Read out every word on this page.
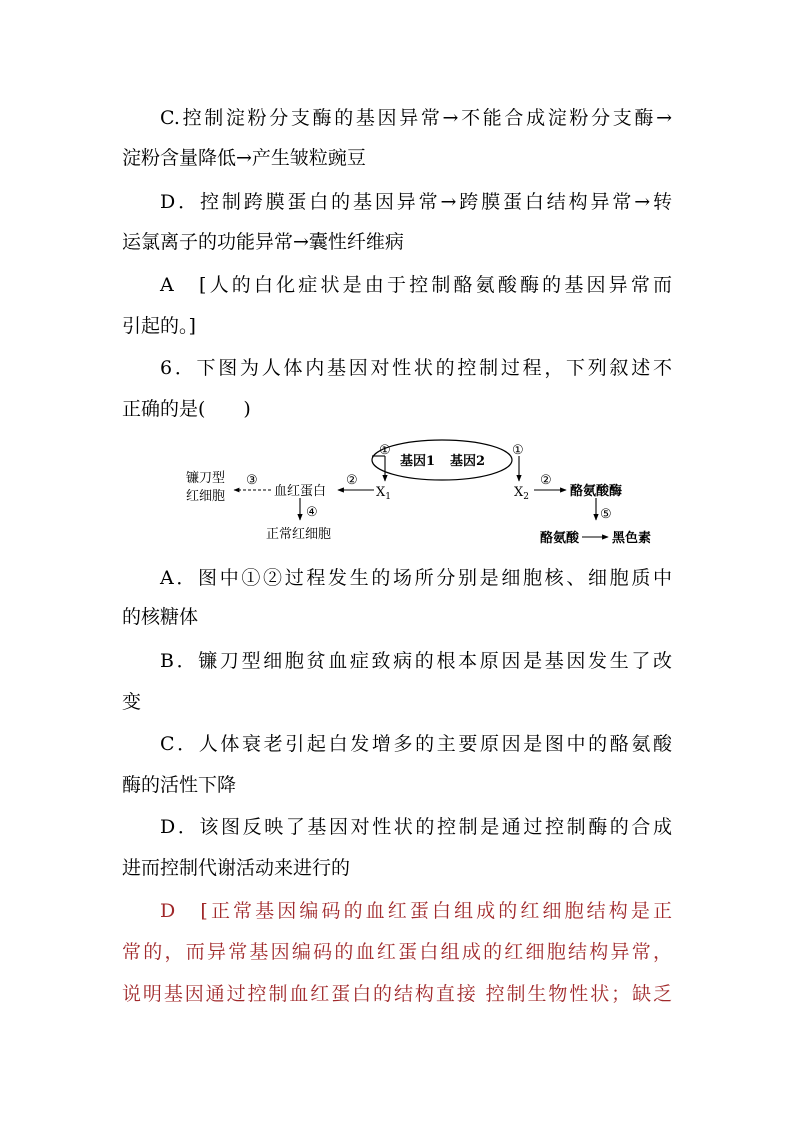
C.控制淀粉分支酶的基因异常→不能合成淀粉分支酶→
淀粉含量降低→产生皱粒豌豆
D．控制跨膜蛋白的基因异常→跨膜蛋白结构异常→转
运氯离子的功能异常→囊性纤维病
A　[人的白化症状是由于控制酪氨酸酶的基因异常而
引起的。]
6．下图为人体内基因对性状的控制过程，下列叙述不
正确的是(　　)
基因1 基因2
①	①
$X_1$	$X_2$
②
血红蛋白
③
镰刀型
红细胞
④
正常红细胞
②
酪氨酸酶
⑤
酪氨酸	黑色素
A．图中①②过程发生的场所分别是细胞核、细胞质中
的核糖体
B．镰刀型细胞贫血症致病的根本原因是基因发生了改
变
C．人体衰老引起白发增多的主要原因是图中的酪氨酸
酶的活性下降
D．该图反映了基因对性状的控制是通过控制酶的合成
进而控制代谢活动来进行的
D　[正常基因编码的血红蛋白组成的红细胞结构是正
常的，而异常基因编码的血红蛋白组成的红细胞结构异常，
说明基因通过控制血红蛋白的结构直接 控制生物性状；缺乏
